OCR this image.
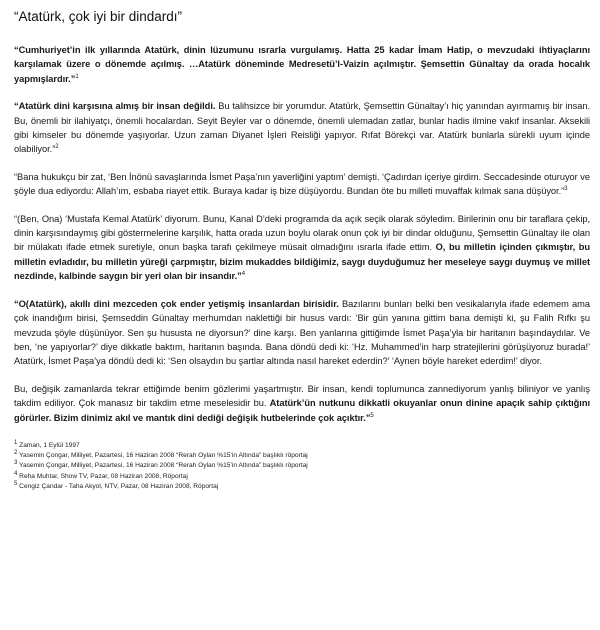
“Atatürk, çok iyi bir dindardı”
“Cumhuriyet’in ilk yıllarında Atatürk, dinin lüzumunu ısrarla vurgulamış. Hatta 25 kadar İmam Hatip, o mevzudaki ihtiyaçlarını karşılamak üzere o dönemde açılmış. …Atatürk döneminde Medresetü’l-Vaizin açılmıştır. Şemsettin Günaltay da orada hocalık yapmışlardır.”$^1$
“Atatürk dini karşısına almış bir insan değildi. Bu talihsizce bir yorumdur. Atatürk, Şemsettin Günaltay’ı hiç yanından ayırmamış bir insan. Bu, önemli bir ilahiyatçı, önemli hocalardan. Seyit Beyler var o dönemde, önemli ulemadan zatlar, bunlar hadis ilmine vakıf insanlar. Aksekili gibi kimseler bu dönemde yaşıyorlar. Uzun zaman Diyanet İşleri Reisliği yapıyor. Rıfat Börekçi var. Atatürk bunlarla sürekli uyum içinde olabiliyor.”$^2$
“Bana hukukçu bir zat, ‘Ben İnönü savaşlarında İsmet Paşa’nın yaverliğini yaptım’ demişti. ‘Çadırdan içeriye girdim. Seccadesinde oturuyor ve şöyle dua ediyordu: Allah’ım, esbaba riayet ettik. Buraya kadar iş bize düşüyordu. Bundan öte bu milleti muvaffak kılmak sana düşüyor.”$^3$
“(Ben, Ona) ‘Mustafa Kemal Atatürk’ diyorum. Bunu, Kanal D’deki programda da açık seçik olarak söyledim. Birilerinin onu bir taraflara çekip, dinin karşısındaymış gibi göstermelerine karşılık, hatta orada uzun boylu olarak onun çok iyi bir dindar olduğunu, Şemsettin Günaltay ile olan bir mülakatı ifade etmek suretiyle, onun başka tarafı çekilmeye müsait olmadığını ısrarla ifade ettim. O, bu milletin içinden çıkmıştır, bu milletin evladıdır, bu milletin yüreği çarpmıştır, bizim mukaddes bildiğimiz, saygı duyduğumuz her meseleye saygı duymuş ve millet nezdinde, kalbinde saygın bir yeri olan bir insandır.”$^4$
“O(Atatürk), akıllı dini mezceden çok ender yetişmiş insanlardan birisidir. Bazılarını bunları belki ben vesikalarıyla ifade edemem ama çok inandığım birisi, Şemseddin Günaltay merhumdan naklettiği bir husus vardı: ‘Bir gün yanına gittim bana demişti ki, şu Falih Rıfkı şu mevzuda şöyle düşünüyor. Sen şu hususta ne diyorsun?’ dine karşı. Ben yanlarına gittiğimde İsmet Paşa’yla bir haritanın başındaydılar. Ve ben, ‘ne yapıyorlar?’ diye dikkatle baktım, haritanın başında. Bana döndü dedi ki: ‘Hz. Muhammed’in harp stratejilerini görüşüyoruz burada!’ Atatürk, İsmet Paşa’ya döndü dedi ki: ‘Sen olsaydın bu şartlar altında nasıl hareket ederdin?’ ‘Aynen böyle hareket ederdim!’ diyor.
Bu, değişik zamanlarda tekrar ettiğimde benim gözlerimi yaşartmıştır. Bir insan, kendi toplumunca zannediyorum yanlış biliniyor ve yanlış takdim ediliyor. Çok manasız bir takdim etme meselesidir bu. Atatürk’ün nutkunu dikkatli okuyanlar onun dinine apaçık sahip çıktığını görürler. Bizim dinimiz akıl ve mantık dini dediği değişik hutbelerinde çok açıktır.”$^5$
$^1$ Zaman, 1 Eylül 1997
$^2$ Yasemin Çongar, Milliyet, Pazartesi, 16 Haziran 2008 “Rerah Oylan %15’in Altında” başlıklı röportaj
$^3$ Yasemin Çongar, Milliyet, Pazartesi, 16 Haziran 2008 “Rerah Oylan %15’in Altında” başlıklı röportaj
$^4$ Reha Muhtar, Show TV, Pazar, 08 Haziran 2008, Röportaj
$^5$ Cengiz Çandar - Taha Akyol, NTV, Pazar, 08 Haziran 2008, Röportaj
